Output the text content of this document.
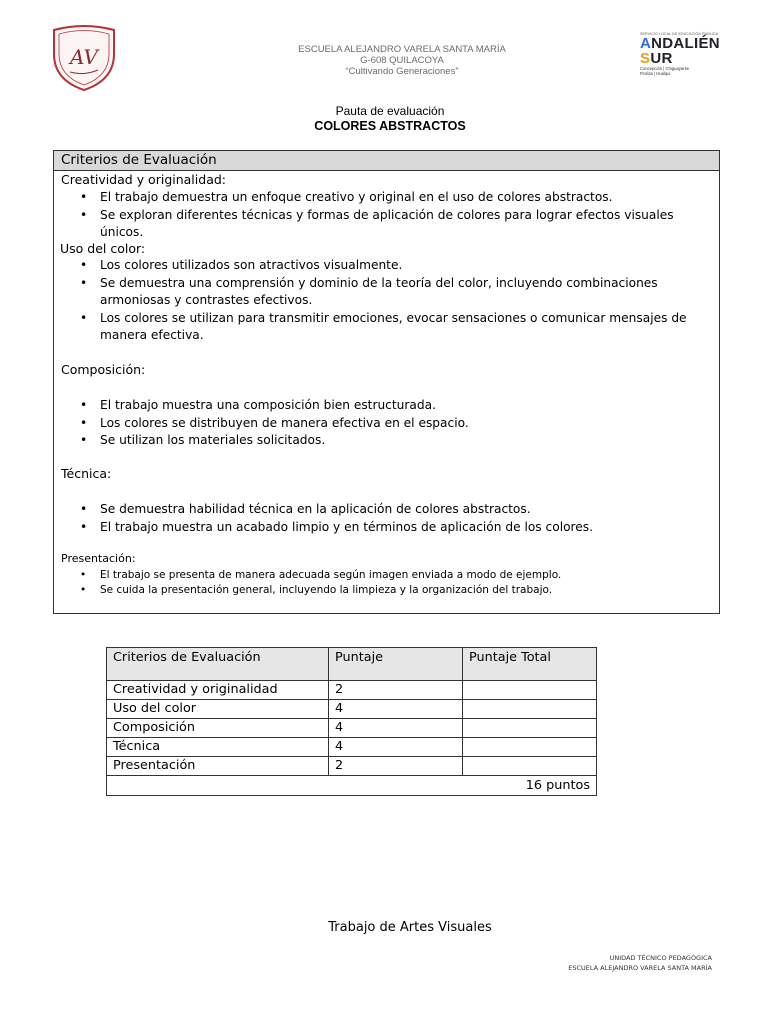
AV	ESCUELA ALEJANDRO VARELA SANTA MARÍA
G-608 QUILACOYA
“Cultivando Generaciones”
SERVICIO LOCAL DE EDUCACIÓN PÚBLICA
ANDALIÉN
SUR
Concepción | Chiguayante
Florida | Hualqui
Pauta de evaluación
COLORES ABSTRACTOS
Criterios de Evaluación
Creatividad y originalidad:
• El trabajo demuestra un enfoque creativo y original en el uso de colores abstractos.
• Se exploran diferentes técnicas y formas de aplicación de colores para lograr efectos visuales únicos.
Uso del color:
• Los colores utilizados son atractivos visualmente.
• Se demuestra una comprensión y dominio de la teoría del color, incluyendo combinaciones armoniosas y contrastes efectivos.
• Los colores se utilizan para transmitir emociones, evocar sensaciones o comunicar mensajes de manera efectiva.
Composición:
• El trabajo muestra una composición bien estructurada.
• Los colores se distribuyen de manera efectiva en el espacio.
• Se utilizan los materiales solicitados.
Técnica:
• Se demuestra habilidad técnica en la aplicación de colores abstractos.
• El trabajo muestra un acabado limpio y en términos de aplicación de los colores.
Presentación:
• El trabajo se presenta de manera adecuada según imagen enviada a modo de ejemplo.
• Se cuida la presentación general, incluyendo la limpieza y la organización del trabajo.
Criterios de Evaluación	Puntaje	Puntaje Total
Creatividad y originalidad	2	
Uso del color	4	
Composición	4	
Técnica	4	
Presentación	2	
16 puntos		
Trabajo de Artes Visuales
UNIDAD TÉCNICO PEDAGÓGICA
ESCUELA ALEJANDRO VARELA SANTA MARÍA
